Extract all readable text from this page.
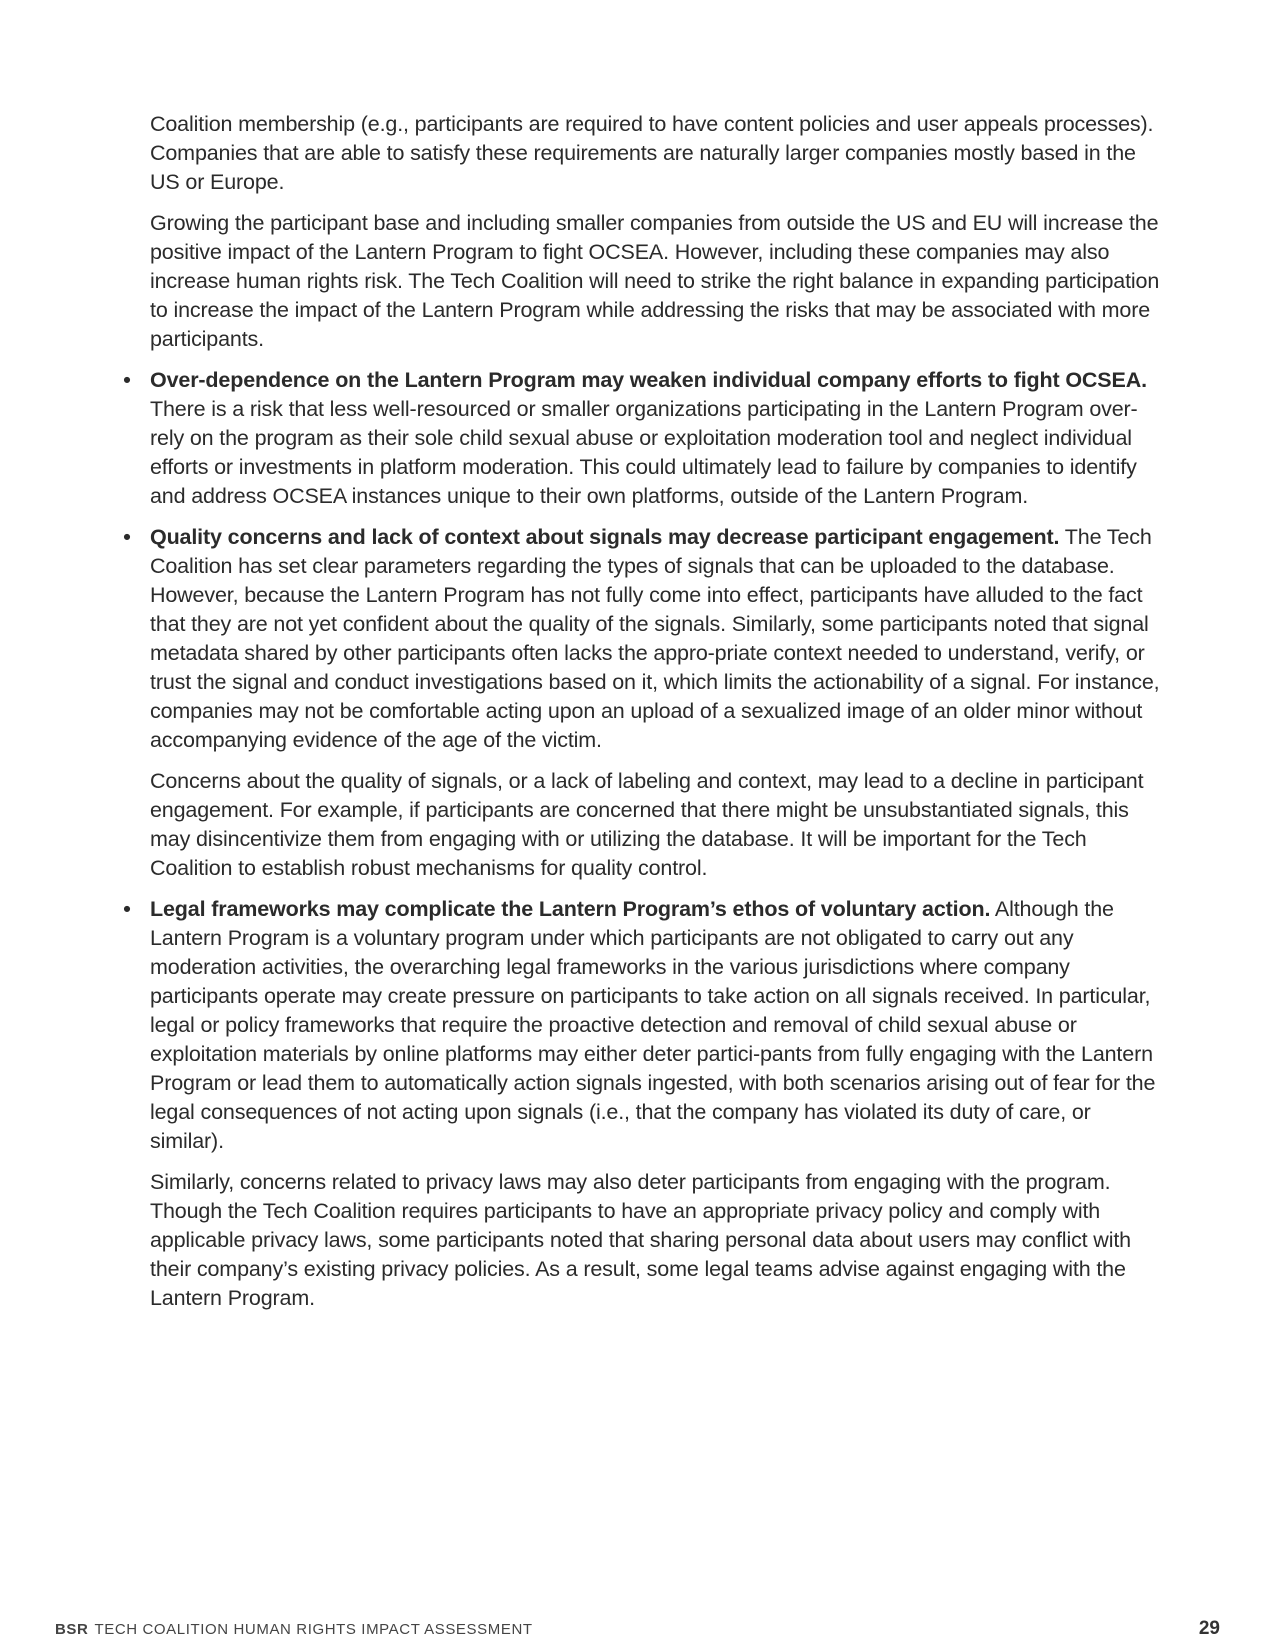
Coalition membership (e.g., participants are required to have content policies and user appeals processes). Companies that are able to satisfy these requirements are naturally larger companies mostly based in the US or Europe.

Growing the participant base and including smaller companies from outside the US and EU will increase the positive impact of the Lantern Program to fight OCSEA. However, including these companies may also increase human rights risk. The Tech Coalition will need to strike the right balance in expanding participation to increase the impact of the Lantern Program while addressing the risks that may be associated with more participants.

• Over-dependence on the Lantern Program may weaken individual company efforts to fight OCSEA. There is a risk that less well-resourced or smaller organizations participating in the Lantern Program over-rely on the program as their sole child sexual abuse or exploitation moderation tool and neglect individual efforts or investments in platform moderation. This could ultimately lead to failure by companies to identify and address OCSEA instances unique to their own platforms, outside of the Lantern Program.

• Quality concerns and lack of context about signals may decrease participant engagement. The Tech Coalition has set clear parameters regarding the types of signals that can be uploaded to the database. However, because the Lantern Program has not fully come into effect, participants have alluded to the fact that they are not yet confident about the quality of the signals. Similarly, some participants noted that signal metadata shared by other participants often lacks the appro-priate context needed to understand, verify, or trust the signal and conduct investigations based on it, which limits the actionability of a signal. For instance, companies may not be comfortable acting upon an upload of a sexualized image of an older minor without accompanying evidence of the age of the victim.

Concerns about the quality of signals, or a lack of labeling and context, may lead to a decline in participant engagement. For example, if participants are concerned that there might be unsubstantiated signals, this may disincentivize them from engaging with or utilizing the database. It will be important for the Tech Coalition to establish robust mechanisms for quality control.

• Legal frameworks may complicate the Lantern Program’s ethos of voluntary action. Although the Lantern Program is a voluntary program under which participants are not obligated to carry out any moderation activities, the overarching legal frameworks in the various jurisdictions where company participants operate may create pressure on participants to take action on all signals received. In particular, legal or policy frameworks that require the proactive detection and removal of child sexual abuse or exploitation materials by online platforms may either deter partici-pants from fully engaging with the Lantern Program or lead them to automatically action signals ingested, with both scenarios arising out of fear for the legal consequences of not acting upon signals (i.e., that the company has violated its duty of care, or similar).

Similarly, concerns related to privacy laws may also deter participants from engaging with the program. Though the Tech Coalition requires participants to have an appropriate privacy policy and comply with applicable privacy laws, some participants noted that sharing personal data about users may conflict with their company’s existing privacy policies. As a result, some legal teams advise against engaging with the Lantern Program.

BSR TECH COALITION HUMAN RIGHTS IMPACT ASSESSMENT	29
